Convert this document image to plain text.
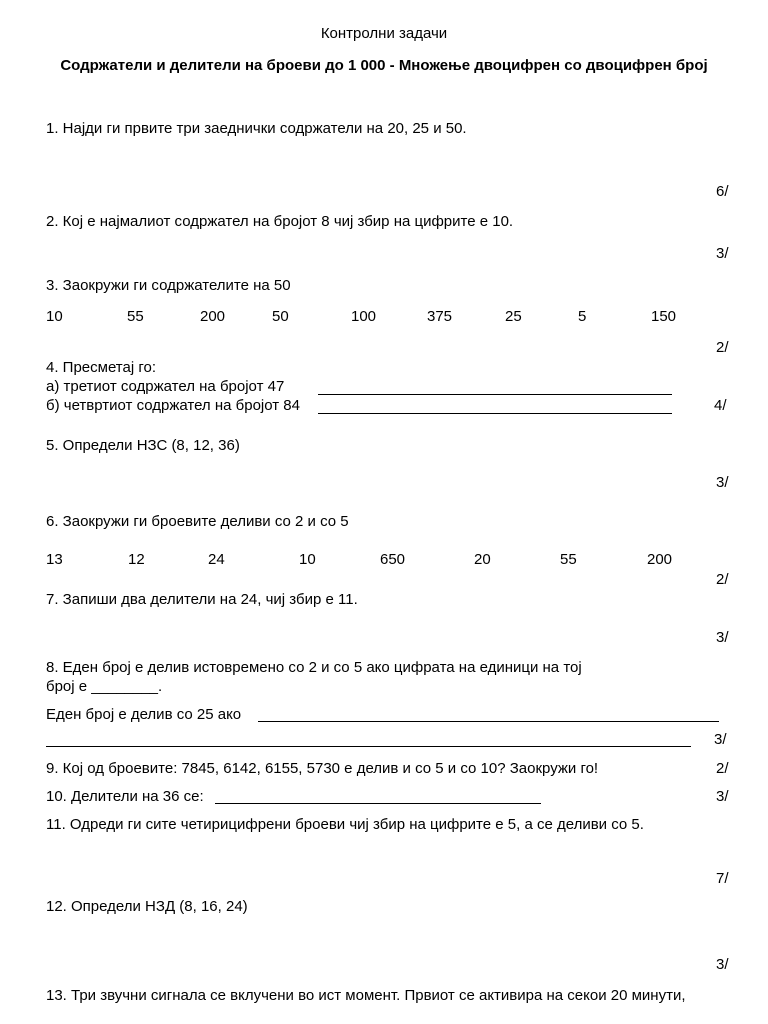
Контролни задачи
Содржатели и делители на броеви до 1 000 - Множење двоцифрен со двоцифрен број
1. Најди ги првите три заеднички содржатели на 20, 25 и 50.
6/
2. Кој е најмалиот содржател на бројот 8 чиј збир на цифрите е 10.
3/
3. Заокружи ги содржателите на 50
10	55	200	50	100	375	25	5	150
2/
4. Пресметај го:
а) третиот содржател на бројот 47
б) четвртиот содржател на бројот 84	4/
5. Определи НЗС (8, 12, 36)
3/
6. Заокружи ги броевите деливи со 2 и со 5
13	12	24	10	650	20	55	200
2/
7. Запиши два делители на 24, чиј збир е 11.
3/
8. Еден број е делив истовремено со 2 и со 5 ако цифрата на единици на тој
број е ________.
Еден број е делив со 25 ако
3/
9. Кој од броевите: 7845, 6142, 6155, 5730 е делив и со 5 и со 10? Заокружи го!	2/
10. Делители на 36 се:	3/
11. Одреди ги сите четирицифрени броеви чиј збир на цифрите е 5, а се деливи со 5.
7/
12. Определи НЗД (8, 16, 24)
3/
13. Три звучни сигнала се вклучени во ист момент. Првиот се активира на секои 20 минути,
